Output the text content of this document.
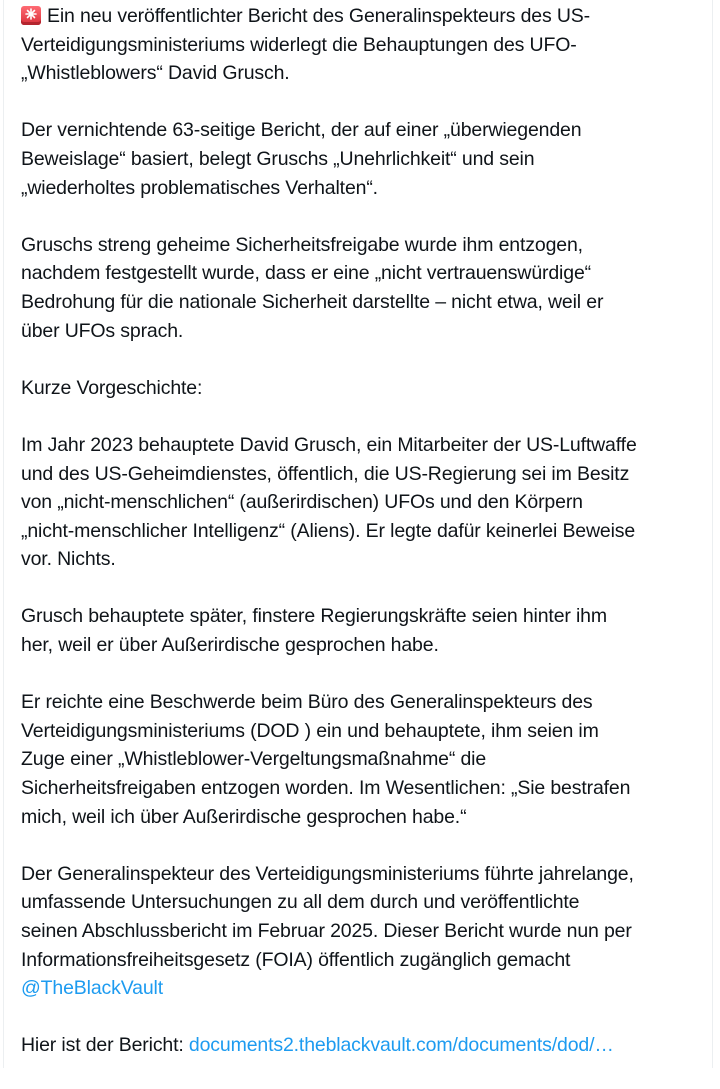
Ein neu veröffentlichter Bericht des Generalinspekteurs des US-
Verteidigungsministeriums widerlegt die Behauptungen des UFO-
„Whistleblowers“ David Grusch.

Der vernichtende 63-seitige Bericht, der auf einer „überwiegenden
Beweislage“ basiert, belegt Gruschs „Unehrlichkeit“ und sein
„wiederholtes problematisches Verhalten“.

Gruschs streng geheime Sicherheitsfreigabe wurde ihm entzogen,
nachdem festgestellt wurde, dass er eine „nicht vertrauenswürdige“
Bedrohung für die nationale Sicherheit darstellte – nicht etwa, weil er
über UFOs sprach.

Kurze Vorgeschichte:

Im Jahr 2023 behauptete David Grusch, ein Mitarbeiter der US-Luftwaffe
und des US-Geheimdienstes, öffentlich, die US-Regierung sei im Besitz
von „nicht-menschlichen“ (außerirdischen) UFOs und den Körpern
„nicht-menschlicher Intelligenz“ (Aliens). Er legte dafür keinerlei Beweise
vor. Nichts.

Grusch behauptete später, finstere Regierungskräfte seien hinter ihm
her, weil er über Außerirdische gesprochen habe.

Er reichte eine Beschwerde beim Büro des Generalinspekteurs des
Verteidigungsministeriums (DOD ) ein und behauptete, ihm seien im
Zuge einer „Whistleblower-Vergeltungsmaßnahme“ die
Sicherheitsfreigaben entzogen worden. Im Wesentlichen: „Sie bestrafen
mich, weil ich über Außerirdische gesprochen habe.“

Der Generalinspekteur des Verteidigungsministeriums führte jahrelange,
umfassende Untersuchungen zu all dem durch und veröffentlichte
seinen Abschlussbericht im Februar 2025. Dieser Bericht wurde nun per
Informationsfreiheitsgesetz (FOIA) öffentlich zugänglich gemacht
@TheBlackVault

Hier ist der Bericht: documents2.theblackvault.com/documents/dod/…
